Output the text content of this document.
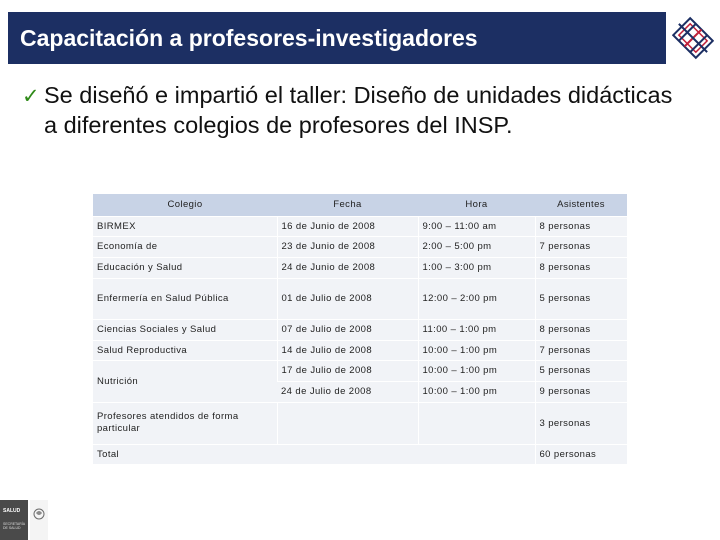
Capacitación a profesores-investigadores
✓ Se diseñó e impartió el taller: Diseño de unidades didácticas a diferentes colegios de profesores del INSP.
Colegio	Fecha	Hora	Asistentes
BIRMEX	16 de Junio de 2008	9:00 – 11:00 am	8 personas
Economía de	23 de Junio de 2008	2:00 – 5:00 pm	7 personas
Educación y Salud	24 de Junio de 2008	1:00 – 3:00 pm	8 personas
Enfermería en Salud Pública	01 de Julio de 2008	12:00 – 2:00 pm	5 personas
Ciencias Sociales y Salud	07 de Julio de 2008	11:00 – 1:00 pm	8 personas
Salud Reproductiva	14 de Julio de 2008	10:00 – 1:00 pm	7 personas
Nutrición	17 de Julio de 2008	10:00 – 1:00 pm	5 personas
	24 de Julio de 2008	10:00 – 1:00 pm	9 personas
Profesores atendidos de forma particular			3 personas
Total			60 personas
SALUD
SECRETARÍA DE SALUD
